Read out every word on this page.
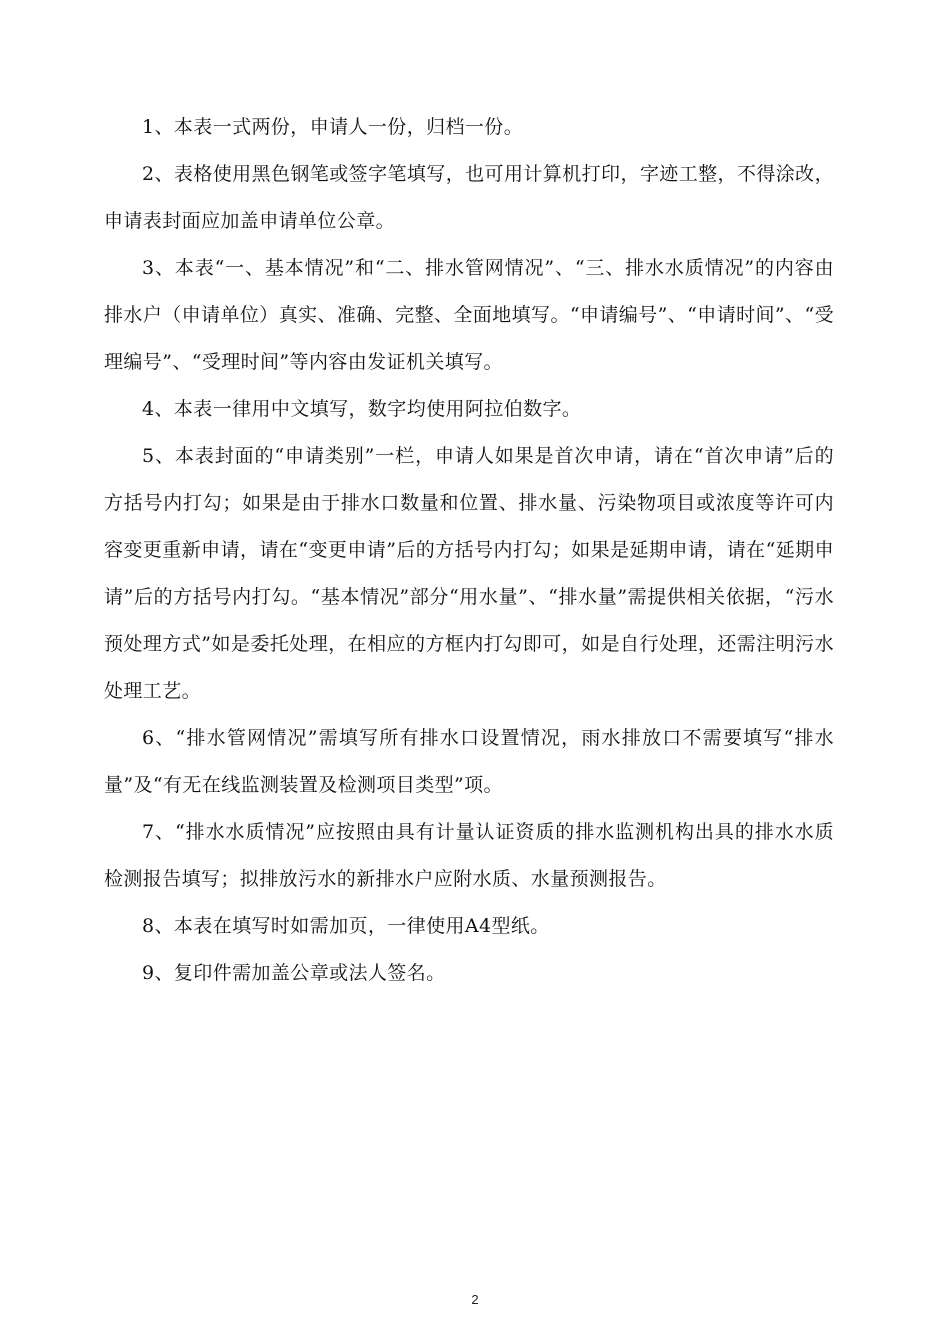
1、本表一式两份，申请人一份，归档一份。

2、表格使用黑色钢笔或签字笔填写，也可用计算机打印，字迹工整，不得涂改，申请表封面应加盖申请单位公章。

3、本表“一、基本情况”和“二、排水管网情况”、“三、排水水质情况”的内容由排水户（申请单位）真实、准确、完整、全面地填写。“申请编号”、“申请时间”、“受理编号”、“受理时间”等内容由发证机关填写。

4、本表一律用中文填写，数字均使用阿拉伯数字。

5、本表封面的“申请类别”一栏，申请人如果是首次申请，请在“首次申请”后的方括号内打勾；如果是由于排水口数量和位置、排水量、污染物项目或浓度等许可内容变更重新申请，请在“变更申请”后的方括号内打勾；如果是延期申请，请在“延期申请”后的方括号内打勾。“基本情况”部分“用水量”、“排水量”需提供相关依据，“污水预处理方式”如是委托处理，在相应的方框内打勾即可，如是自行处理，还需注明污水处理工艺。

6、“排水管网情况”需填写所有排水口设置情况，雨水排放口不需要填写“排水量”及“有无在线监测装置及检测项目类型”项。

7、“排水水质情况”应按照由具有计量认证资质的排水监测机构出具的排水水质检测报告填写；拟排放污水的新排水户应附水质、水量预测报告。

8、本表在填写时如需加页，一律使用A4型纸。

9、复印件需加盖公章或法人签名。

2
